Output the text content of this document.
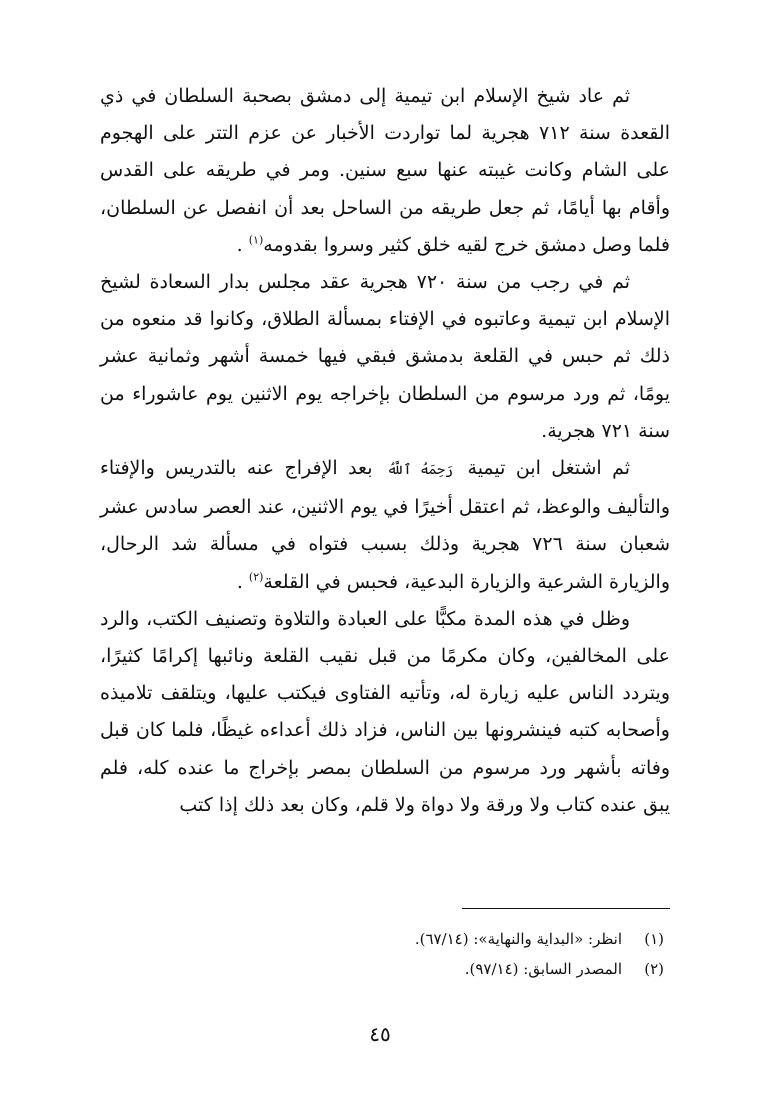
ثم عاد شيخ الإسلام ابن تيمية إلى دمشق بصحبة السلطان في ذي القعدة سنة ٧١٢ هجرية لما تواردت الأخبار عن عزم التتر على الهجوم على الشام وكانت غيبته عنها سبع سنين. ومر في طريقه على القدس وأقام بها أيامًا، ثم جعل طريقه من الساحل بعد أن انفصل عن السلطان، فلما وصل دمشق خرج لقيه خلق كثير وسروا بقدومه$^{(١)}$ .

ثم في رجب من سنة ٧٢٠ هجرية عقد مجلس بدار السعادة لشيخ الإسلام ابن تيمية وعاتبوه في الإفتاء بمسألة الطلاق، وكانوا قد منعوه من ذلك ثم حبس في القلعة بدمشق فبقي فيها خمسة أشهر وثمانية عشر يومًا، ثم ورد مرسوم من السلطان بإخراجه يوم الاثنين يوم عاشوراء من سنة ٧٢١ هجرية.

ثم اشتغل ابن تيمية رَحِمَهُ ٱللَّهُ بعد الإفراج عنه بالتدريس والإفتاء والتأليف والوعظ، ثم اعتقل أخيرًا في يوم الاثنين، عند العصر سادس عشر شعبان سنة ٧٢٦ هجرية وذلك بسبب فتواه في مسألة شد الرحال، والزيارة الشرعية والزيارة البدعية، فحبس في القلعة$^{(٢)}$ .

وظل في هذه المدة مكبًّا على العبادة والتلاوة وتصنيف الكتب، والرد على المخالفين، وكان مكرمًا من قبل نقيب القلعة ونائبها إكرامًا كثيرًا، ويتردد الناس عليه زيارة له، وتأتيه الفتاوى فيكتب عليها، ويتلقف تلاميذه وأصحابه كتبه فينشرونها بين الناس، فزاد ذلك أعداءه غيظًا، فلما كان قبل وفاته بأشهر ورد مرسوم من السلطان بمصر بإخراج ما عنده كله، فلم يبق عنده كتاب ولا ورقة ولا دواة ولا قلم، وكان بعد ذلك إذا كتب

(١)انظر: «البداية والنهاية»: (٦٧/١٤).

(٢)المصدر السابق: (٩٧/١٤).

٤٥
